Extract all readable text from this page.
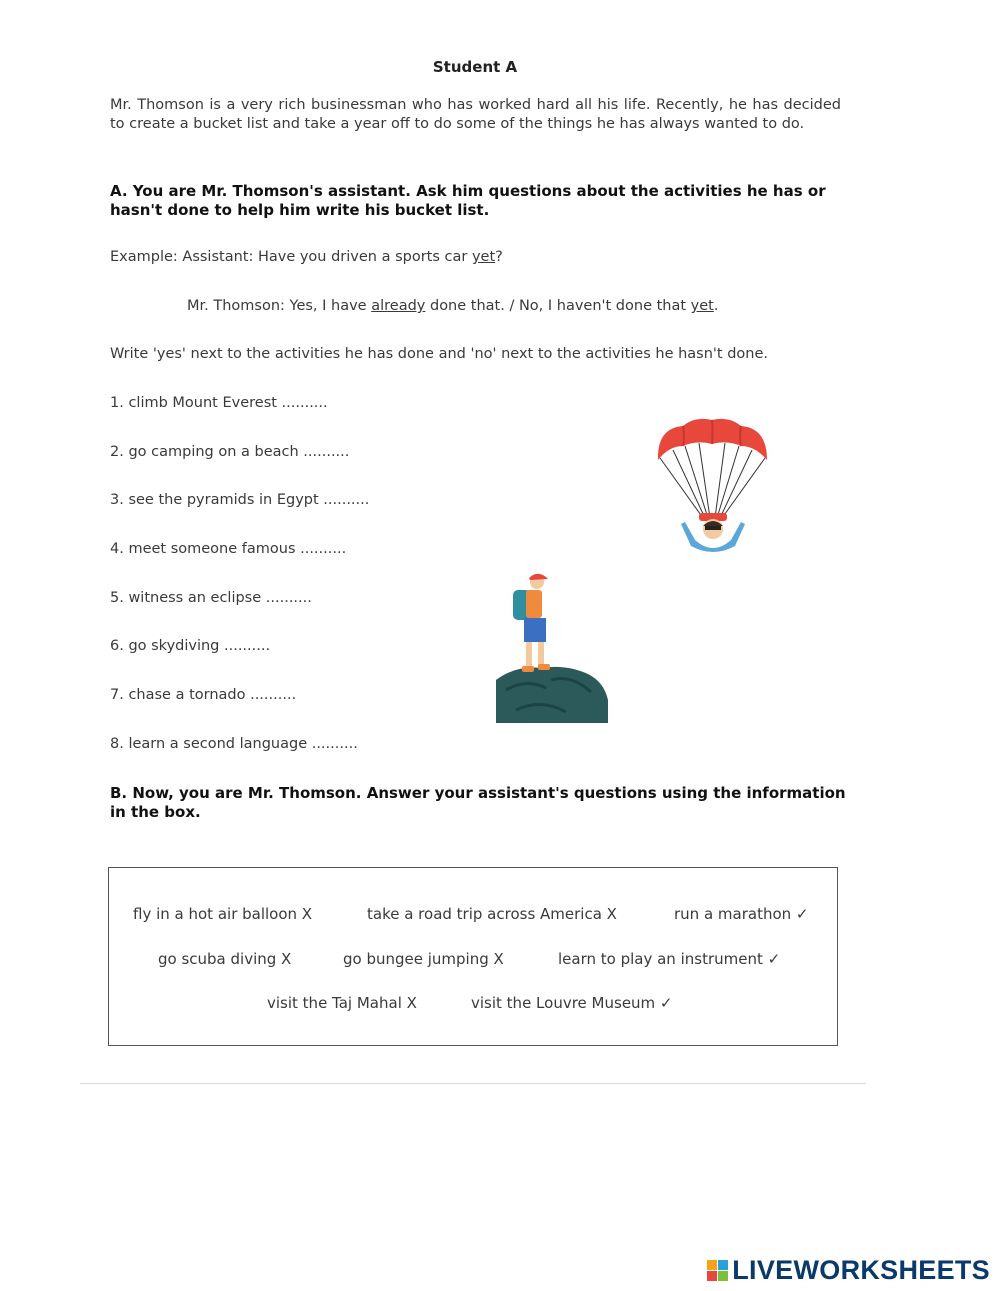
Student A
Mr. Thomson is a very rich businessman who has worked hard all his life. Recently, he has decided to create a bucket list and take a year off to do some of the things he has always wanted to do.
A. You are Mr. Thomson's assistant. Ask him questions about the activities he has or
hasn't done to help him write his bucket list.
Example: Assistant: Have you driven a sports car yet?
Mr. Thomson: Yes, I have already done that. / No, I haven't done that yet.
Write 'yes' next to the activities he has done and 'no' next to the activities he hasn't done.
1. climb Mount Everest ..........
2. go camping on a beach ..........
3. see the pyramids in Egypt ..........
4. meet someone famous ..........
5. witness an eclipse ..........
6. go skydiving ..........
7. chase a tornado ..........
8. learn a second language ..........
B. Now, you are Mr. Thomson. Answer your assistant's questions using the information
in the box.
fly in a hot air balloon X	take a road trip across America X	run a marathon ✓
go scuba diving X	go bungee jumping X	learn to play an instrument ✓
visit the Taj Mahal X	visit the Louvre Museum ✓
LIVEWORKSHEETS
